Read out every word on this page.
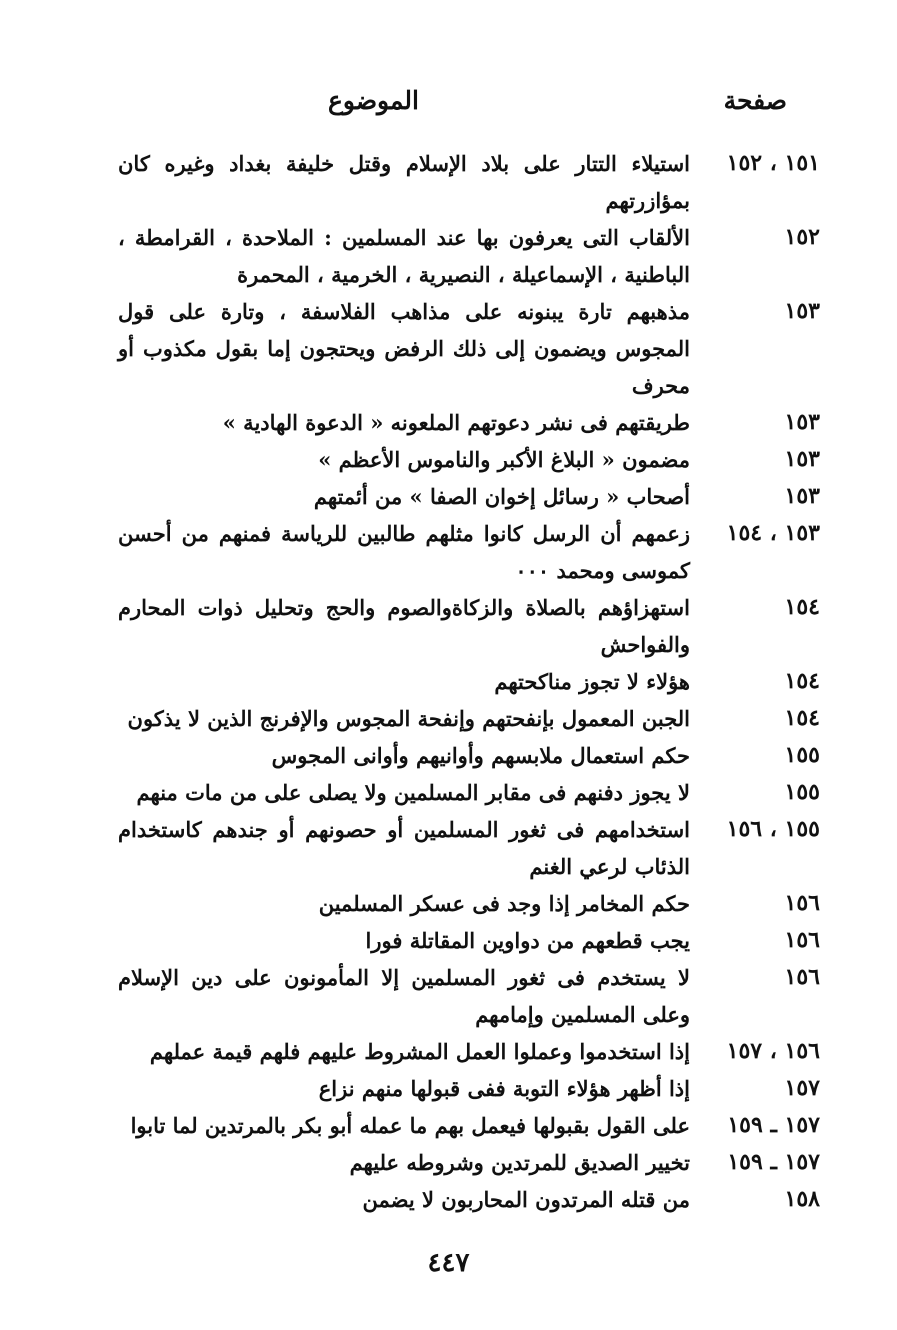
صفحة
الموضوع
١٥١ ، ١٥٢
استيلاء التتار على بلاد الإسلام وقتل خليفة بغداد وغيره كان بمؤازرتهم
١٥٢
الألقاب التى يعرفون بها عند المسلمين : الملاحدة ، القرامطة ، الباطنية ، الإسماعيلة ، النصيرية ، الخرمية ، المحمرة
١٥٣
مذهبهم تارة يبنونه على مذاهب الفلاسفة ، وتارة على قول المجوس ويضمون إلى ذلك الرفض ويحتجون إما بقول مكذوب أو محرف
١٥٣
طريقتهم فى نشر دعوتهم الملعونه « الدعوة الهادية »
١٥٣
مضمون « البلاغ الأكبر والناموس الأعظم »
١٥٣
أصحاب « رسائل إخوان الصفا » من أئمتهم
١٥٣ ، ١٥٤
زعمهم أن الرسل كانوا مثلهم طالبين للرياسة فمنهم من أحسن كموسى ومحمد ٠٠٠
١٥٤
استهزاؤهم بالصلاة والزكاةوالصوم والحج وتحليل ذوات المحارم والفواحش
١٥٤
هؤلاء لا تجوز مناكحتهم
١٥٤
الجبن المعمول بإنفحتهم وإنفحة المجوس والإفرنج الذين لا يذكون
١٥٥
حكم استعمال ملابسهم وأوانيهم وأوانى المجوس
١٥٥
لا يجوز دفنهم فى مقابر المسلمين ولا يصلى على من مات منهم
١٥٥ ، ١٥٦
استخدامهم فى ثغور المسلمين أو حصونهم أو جندهم كاستخدام الذئاب لرعي الغنم
١٥٦
حكم المخامر إذا وجد فى عسكر المسلمين
١٥٦
يجب قطعهم من دواوين المقاتلة فورا
١٥٦
لا يستخدم فى ثغور المسلمين إلا المأمونون على دين الإسلام وعلى المسلمين وإمامهم
١٥٦ ، ١٥٧
إذا استخدموا وعملوا العمل المشروط عليهم فلهم قيمة عملهم
١٥٧
إذا أظهر هؤلاء التوبة ففى قبولها منهم نزاع
١٥٧ ـ ١٥٩
على القول بقبولها فيعمل بهم ما عمله أبو بكر بالمرتدين لما تابوا
١٥٧ ـ ١٥٩
تخيير الصديق للمرتدين وشروطه عليهم
١٥٨
من قتله المرتدون المحاربون لا يضمن
٤٤٧
